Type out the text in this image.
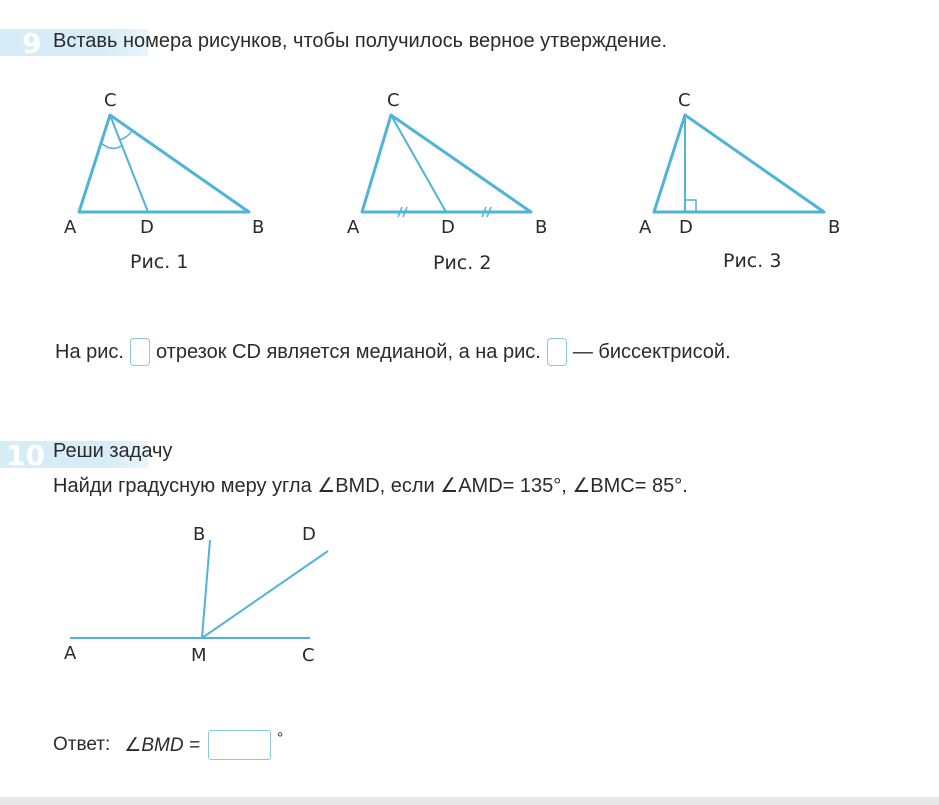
9 Вставь номера рисунков, чтобы получилось верное утверждение.
C
A	D	B
Рис. 1
C
A	D	B
Рис. 2
C
A D	B
Рис. 3
B	D
A	M	C
На рис. отрезок CD является медианой, а на рис. — биссектрисой.
10 Реши задачу
Найди градусную меру угла ∠BMD, если ∠AMD= 135°, ∠BMC= 85°.
Ответ: ∠BMD =	°
